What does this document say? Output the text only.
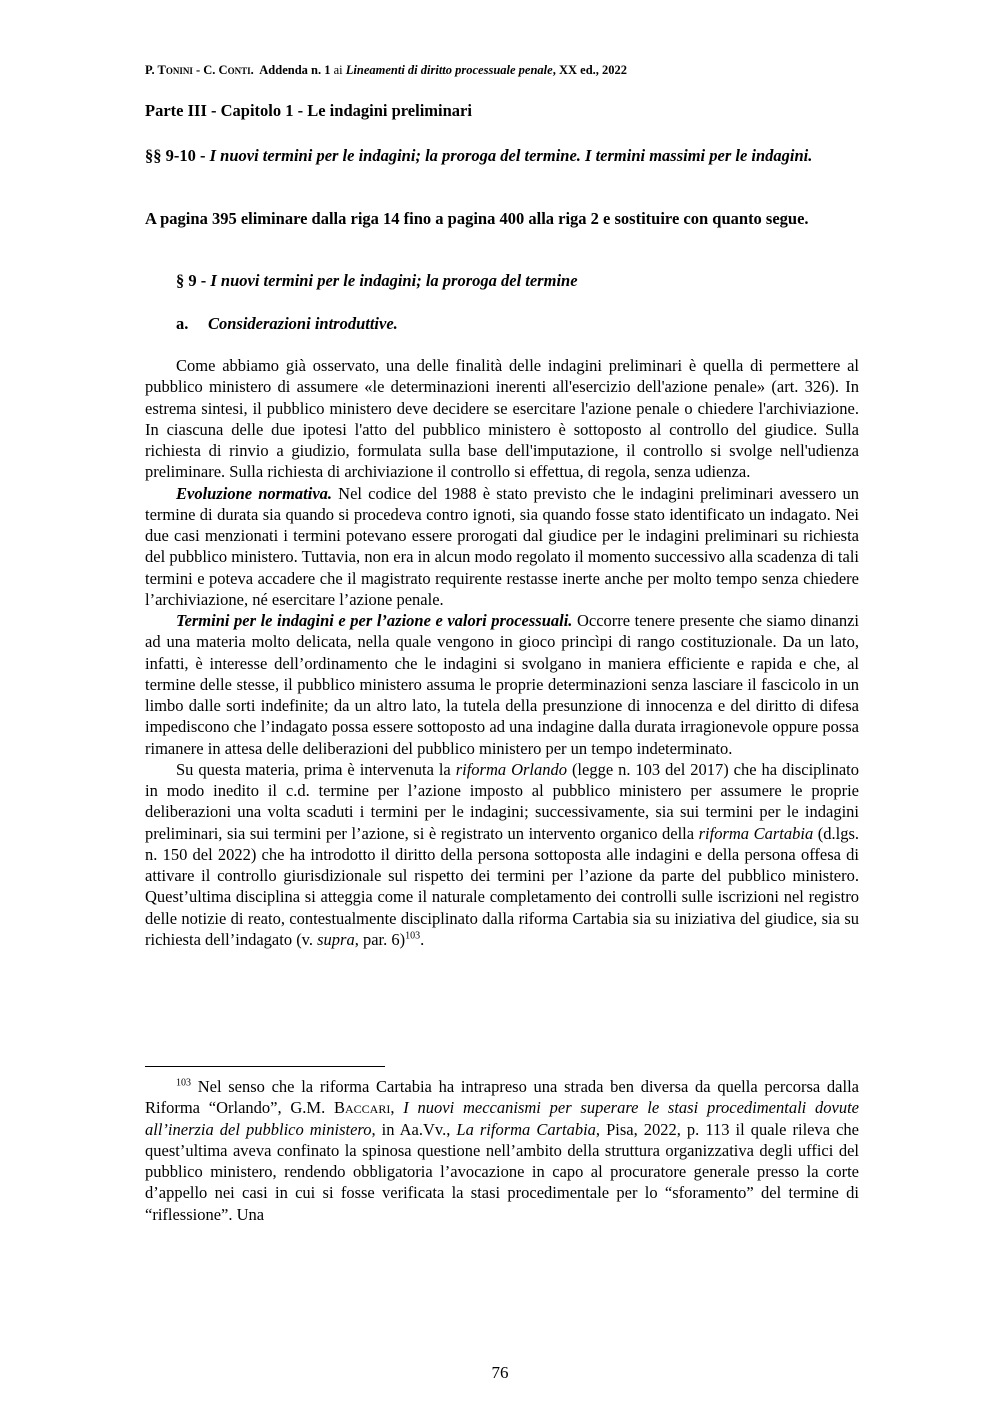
P. Tonini - C. Conti. Addenda n. 1 ai Lineamenti di diritto processuale penale, XX ed., 2022
Parte III - Capitolo 1 - Le indagini preliminari
§§ 9-10 - I nuovi termini per le indagini; la proroga del termine. I termini massimi per le indagini.
A pagina 395 eliminare dalla riga 14 fino a pagina 400 alla riga 2 e sostituire con quanto segue.
§ 9 - I nuovi termini per le indagini; la proroga del termine
a. Considerazioni introduttive.

Come abbiamo già osservato, una delle finalità delle indagini preliminari è quella di permettere al pubblico ministero di assumere «le determinazioni inerenti all'esercizio dell'azione penale» (art. 326). In estrema sintesi, il pubblico ministero deve decidere se esercitare l'azione penale o chiedere l'archiviazione. In ciascuna delle due ipotesi l'atto del pubblico ministero è sottoposto al controllo del giudice. Sulla richiesta di rinvio a giudizio, formulata sulla base dell'imputazione, il controllo si svolge nell'udienza preliminare. Sulla richiesta di archiviazione il controllo si effettua, di regola, senza udienza.

Evoluzione normativa. Nel codice del 1988 è stato previsto che le indagini preliminari avessero un termine di durata sia quando si procedeva contro ignoti, sia quando fosse stato identificato un indagato. Nei due casi menzionati i termini potevano essere prorogati dal giudice per le indagini preliminari su richiesta del pubblico ministero. Tuttavia, non era in alcun modo regolato il momento successivo alla scadenza di tali termini e poteva accadere che il magistrato requirente restasse inerte anche per molto tempo senza chiedere l’archiviazione, né esercitare l’azione penale.

Termini per le indagini e per l’azione e valori processuali. Occorre tenere presente che siamo dinanzi ad una materia molto delicata, nella quale vengono in gioco princìpi di rango costituzionale. Da un lato, infatti, è interesse dell’ordinamento che le indagini si svolgano in maniera efficiente e rapida e che, al termine delle stesse, il pubblico ministero assuma le proprie determinazioni senza lasciare il fascicolo in un limbo dalle sorti indefinite; da un altro lato, la tutela della presunzione di innocenza e del diritto di difesa impediscono che l’indagato possa essere sottoposto ad una indagine dalla durata irragionevole oppure possa rimanere in attesa delle deliberazioni del pubblico ministero per un tempo indeterminato.

Su questa materia, prima è intervenuta la riforma Orlando (legge n. 103 del 2017) che ha disciplinato in modo inedito il c.d. termine per l’azione imposto al pubblico ministero per assumere le proprie deliberazioni una volta scaduti i termini per le indagini; successivamente, sia sui termini per le indagini preliminari, sia sui termini per l’azione, si è registrato un intervento organico della riforma Cartabia (d.lgs. n. 150 del 2022) che ha introdotto il diritto della persona sottoposta alle indagini e della persona offesa di attivare il controllo giurisdizionale sul rispetto dei termini per l’azione da parte del pubblico ministero. Quest’ultima disciplina si atteggia come il naturale completamento dei controlli sulle iscrizioni nel registro delle notizie di reato, contestualmente disciplinato dalla riforma Cartabia sia su iniziativa del giudice, sia su richiesta dell’indagato (v. supra, par. 6)$^{103}$.

$^{103}$ Nel senso che la riforma Cartabia ha intrapreso una strada ben diversa da quella percorsa dalla Riforma “Orlando”, G.M. Baccari, I nuovi meccanismi per superare le stasi procedimentali dovute all’inerzia del pubblico ministero, in Aa.Vv., La riforma Cartabia, Pisa, 2022, p. 113 il quale rileva che quest’ultima aveva confinato la spinosa questione nell’ambito della struttura organizzativa degli uffici del pubblico ministero, rendendo obbligatoria l’avocazione in capo al procuratore generale presso la corte d’appello nei casi in cui si fosse verificata la stasi procedimentale per lo “sforamento” del termine di “riflessione”. Una

76
